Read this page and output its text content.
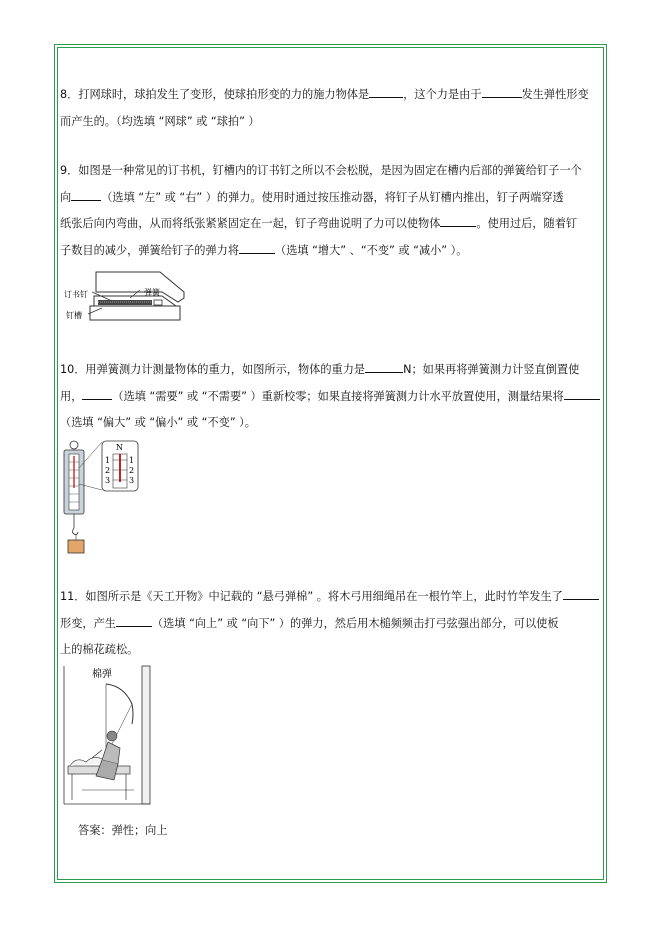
8．打网球时，球拍发生了变形，使球拍形变的力的施力物体是	，这个力是由于	发生弹性形变
而产生的。（均选填 “网球” 或 “球拍” ）
9．如图是一种常见的订书机，钉槽内的订书钉之所以不会松脱，是因为固定在槽内后部的弹簧给钉子一个
向	（选填 “左” 或 “右” ）的弹力。使用时通过按压推动器，将钉子从钉槽内推出，钉子两端穿透
纸张后向内弯曲，从而将纸张紧紧固定在一起，钉子弯曲说明了力可以使物体	。使用过后，随着钉
子数目的减少，弹簧给钉子的弹力将	（选填 “增大” 、“不变” 或 “减小” ）。
订书钉	弹簧
钉槽
10．用弹簧测力计测量物体的重力，如图所示，物体的重力是	N；如果再将弹簧测力计竖直倒置使
用，	（选填 “需要” 或 “不需要” ）重新校零；如果直接将弹簧测力计水平放置使用，测量结果将
（选填 “偏大” 或 “偏小” 或 “不变” ）。
N
1
2
3
1
2
3
11．如图所示是《天工开物》中记载的 “悬弓弹棉” 。将木弓用细绳吊在一根竹竿上，此时竹竿发生了
形变，产生	（选填 “向上” 或 “向下” ）的弹力，然后用木槌频频击打弓弦强出部分，可以使板
上的棉花疏松。
棉弹
答案：弹性；向上
